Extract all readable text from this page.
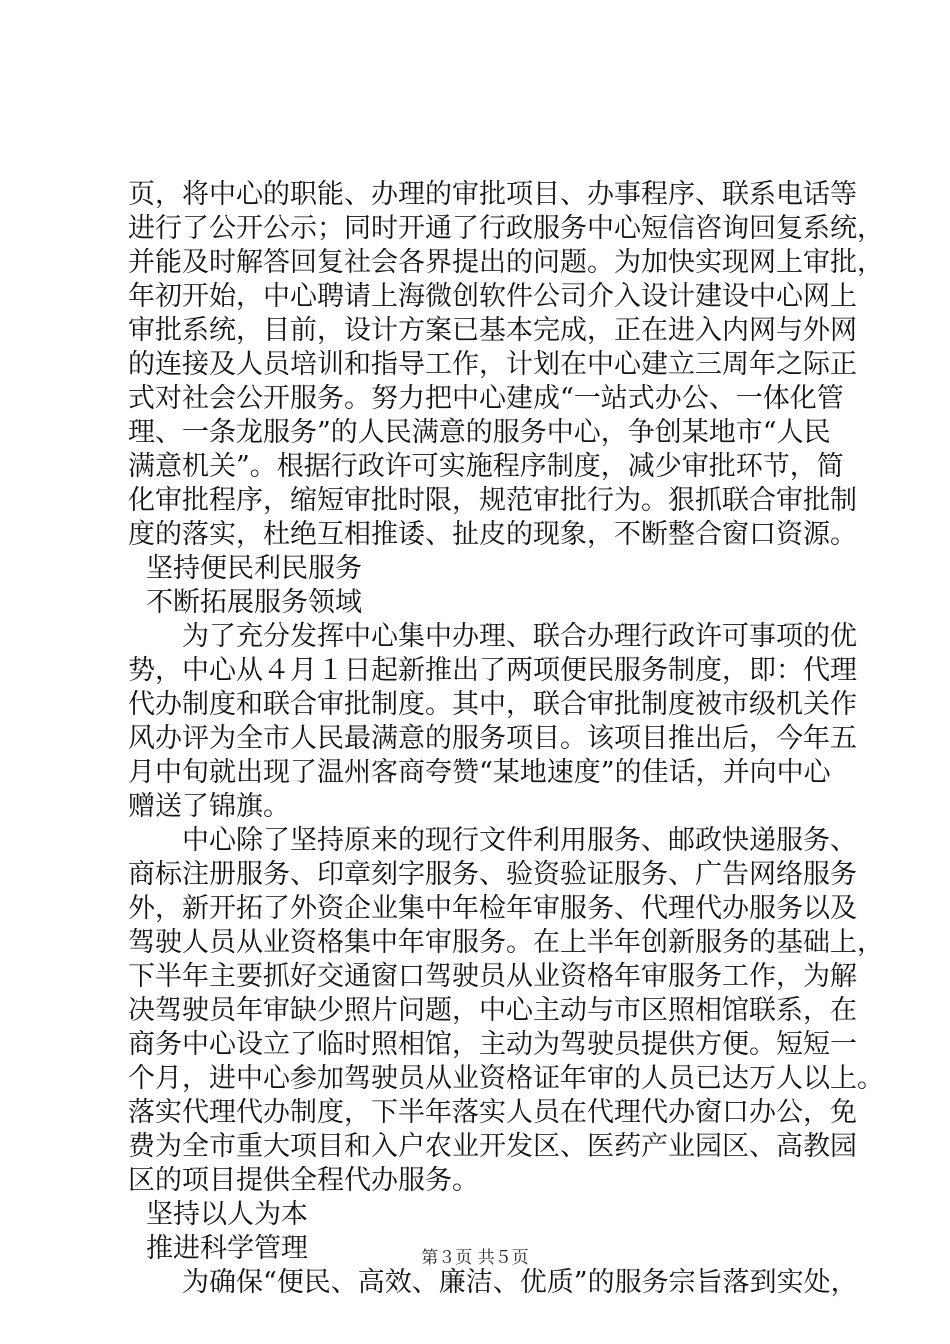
页，将中心的职能、办理的审批项目、办事程序、联系电话等
进行了公开公示；同时开通了行政服务中心短信咨询回复系统，
并能及时解答回复社会各界提出的问题。为加快实现网上审批，
年初开始，中心聘请上海微创软件公司介入设计建设中心网上
审批系统，目前，设计方案已基本完成，正在进入内网与外网
的连接及人员培训和指导工作，计划在中心建立三周年之际正
式对社会公开服务。努力把中心建成“一站式办公、一体化管
理、一条龙服务”的人民满意的服务中心，争创某地市“人民
满意机关”。根据行政许可实施程序制度，减少审批环节，简
化审批程序，缩短审批时限，规范审批行为。狠抓联合审批制
度的落实，杜绝互相推诿、扯皮的现象，不断整合窗口资源。
坚持便民利民服务
不断拓展服务领域
为了充分发挥中心集中办理、联合办理行政许可事项的优
势，中心从４月１日起新推出了两项便民服务制度，即：代理
代办制度和联合审批制度。其中，联合审批制度被市级机关作
风办评为全市人民最满意的服务项目。该项目推出后，今年五
月中旬就出现了温州客商夸赞“某地速度”的佳话，并向中心
赠送了锦旗。
中心除了坚持原来的现行文件利用服务、邮政快递服务、
商标注册服务、印章刻字服务、验资验证服务、广告网络服务
外，新开拓了外资企业集中年检年审服务、代理代办服务以及
驾驶人员从业资格集中年审服务。在上半年创新服务的基础上，
下半年主要抓好交通窗口驾驶员从业资格年审服务工作，为解
决驾驶员年审缺少照片问题，中心主动与市区照相馆联系，在
商务中心设立了临时照相馆，主动为驾驶员提供方便。短短一
个月，进中心参加驾驶员从业资格证年审的人员已达万人以上。
落实代理代办制度，下半年落实人员在代理代办窗口办公，免
费为全市重大项目和入户农业开发区、医药产业园区、高教园
区的项目提供全程代办服务。
坚持以人为本
推进科学管理
为确保“便民、高效、廉洁、优质”的服务宗旨落到实处，
第３页 共５页
